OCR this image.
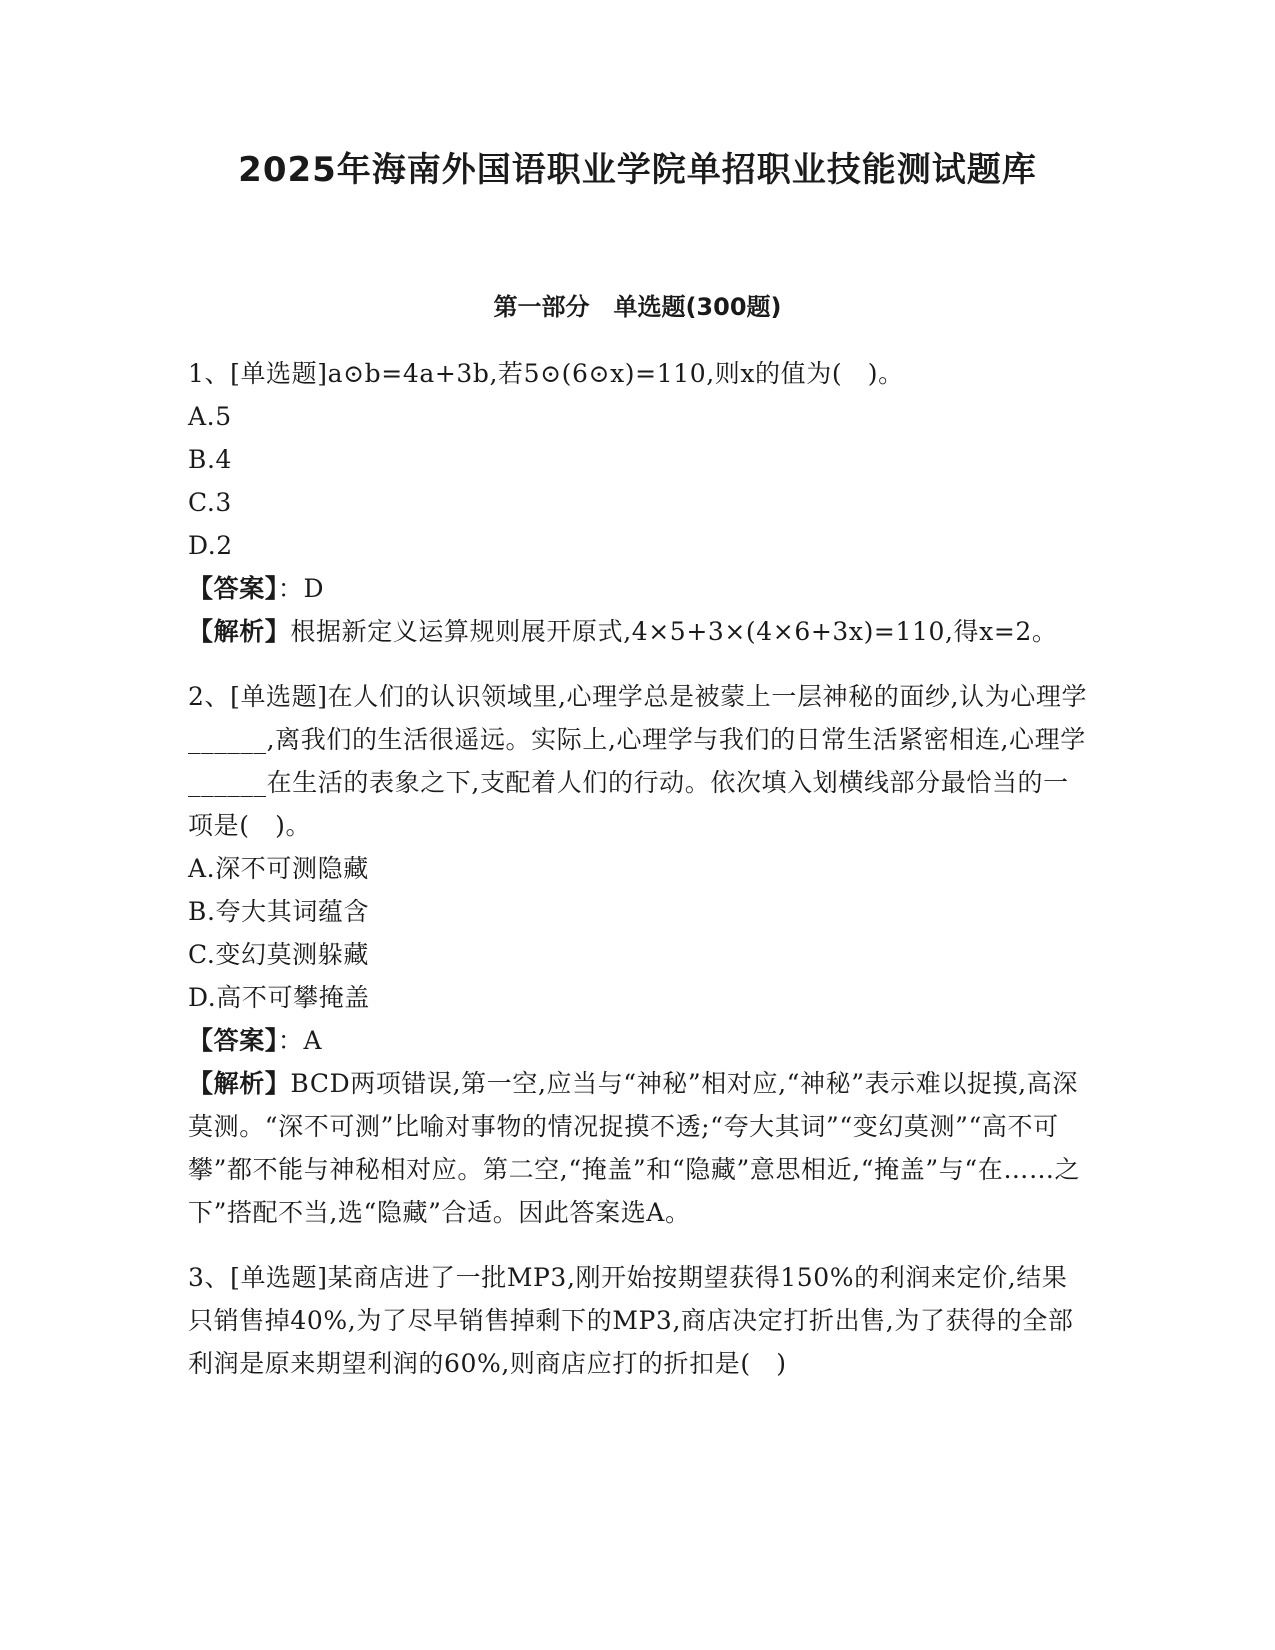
2025年海南外国语职业学院单招职业技能测试题库
第一部分　单选题(300题)
1、[单选题]a⊙b=4a+3b,若5⊙(6⊙x)=110,则x的值为(　)。
A.5
B.4
C.3
D.2
【答案】：D
【解析】根据新定义运算规则展开原式,4×5+3×(4×6+3x)=110,得x=2。
2、[单选题]在人们的认识领域里,心理学总是被蒙上一层神秘的面纱,认为心理学______,离我们的生活很遥远。实际上,心理学与我们的日常生活紧密相连,心理学______在生活的表象之下,支配着人们的行动。依次填入划横线部分最恰当的一项是(　)。
A.深不可测隐藏
B.夸大其词蕴含
C.变幻莫测躲藏
D.高不可攀掩盖
【答案】：A
【解析】BCD两项错误,第一空,应当与“神秘”相对应,“神秘”表示难以捉摸,高深莫测。“深不可测”比喻对事物的情况捉摸不透;“夸大其词”“变幻莫测”“高不可攀”都不能与神秘相对应。第二空,“掩盖”和“隐藏”意思相近,“掩盖”与“在……之下”搭配不当,选“隐藏”合适。因此答案选A。
3、[单选题]某商店进了一批MP3,刚开始按期望获得150%的利润来定价,结果只销售掉40%,为了尽早销售掉剩下的MP3,商店决定打折出售,为了获得的全部利润是原来期望利润的60%,则商店应打的折扣是(　)
